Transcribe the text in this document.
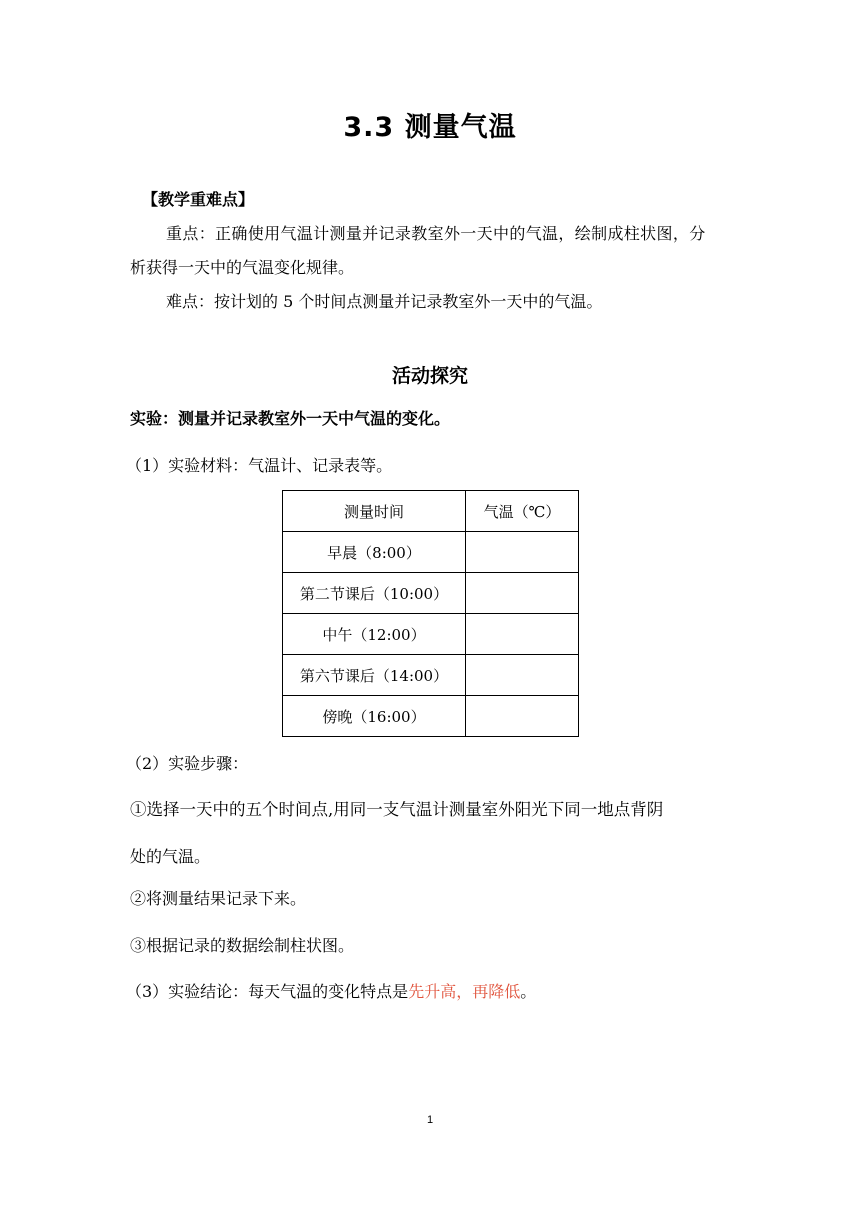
3.3 测量气温
【教学重难点】
重点：正确使用气温计测量并记录教室外一天中的气温，绘制成柱状图，分
析获得一天中的气温变化规律。
难点：按计划的 5 个时间点测量并记录教室外一天中的气温。
活动探究
实验：测量并记录教室外一天中气温的变化。
（1）实验材料：气温计、记录表等。
测量时间	气温（℃）
早晨（8:00）	
第二节课后（10:00）	
中午（12:00）	
第六节课后（14:00）	
傍晚（16:00）	
（2）实验步骤：
①选择一天中的五个时间点,用同一支气温计测量室外阳光下同一地点背阴
处的气温。
②将测量结果记录下来。
③根据记录的数据绘制柱状图。
（3）实验结论：每天气温的变化特点是先升高，再降低。
1
